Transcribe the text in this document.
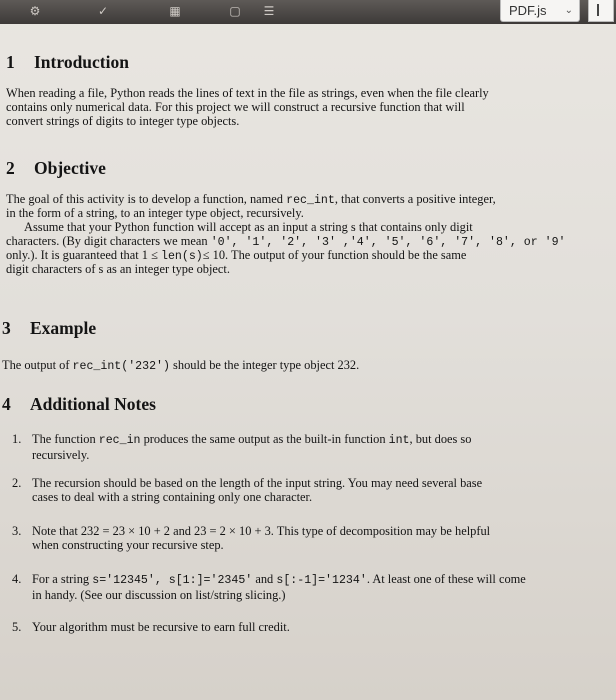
⚙	✓	▦	▢ ☰	PDF.js ⌄
1 Introduction

When reading a file, Python reads the lines of text in the file as strings, even when the file clearly

contains only numerical data. For this project we will construct a recursive function that will

convert strings of digits to integer type objects.

2 Objective

The goal of this activity is to develop a function, named rec_int, that converts a positive integer,

in the form of a string, to an integer type object, recursively.

Assume that your Python function will accept as an input a string s that contains only digit

characters. (By digit characters we mean '0', '1', '2', '3' ,'4', '5', '6', '7', '8', or '9'

only.). It is guaranteed that 1 ≤ len(s)≤ 10. The output of your function should be the same

digit characters of s as an integer type object.

3 Example

The output of rec_int('232') should be the integer type object 232.

4 Additional Notes
1. The function rec_in produces the same output as the built-in function int, but does so
recursively.
2. The recursion should be based on the length of the input string. You may need several base
cases to deal with a string containing only one character.
3. Note that 232 = 23 × 10 + 2 and 23 = 2 × 10 + 3. This type of decomposition may be helpful
when constructing your recursive step.
4. For a string s='12345', s[1:]='2345' and s[:-1]='1234'. At least one of these will come
in handy. (See our discussion on list/string slicing.)
5. Your algorithm must be recursive to earn full credit.
